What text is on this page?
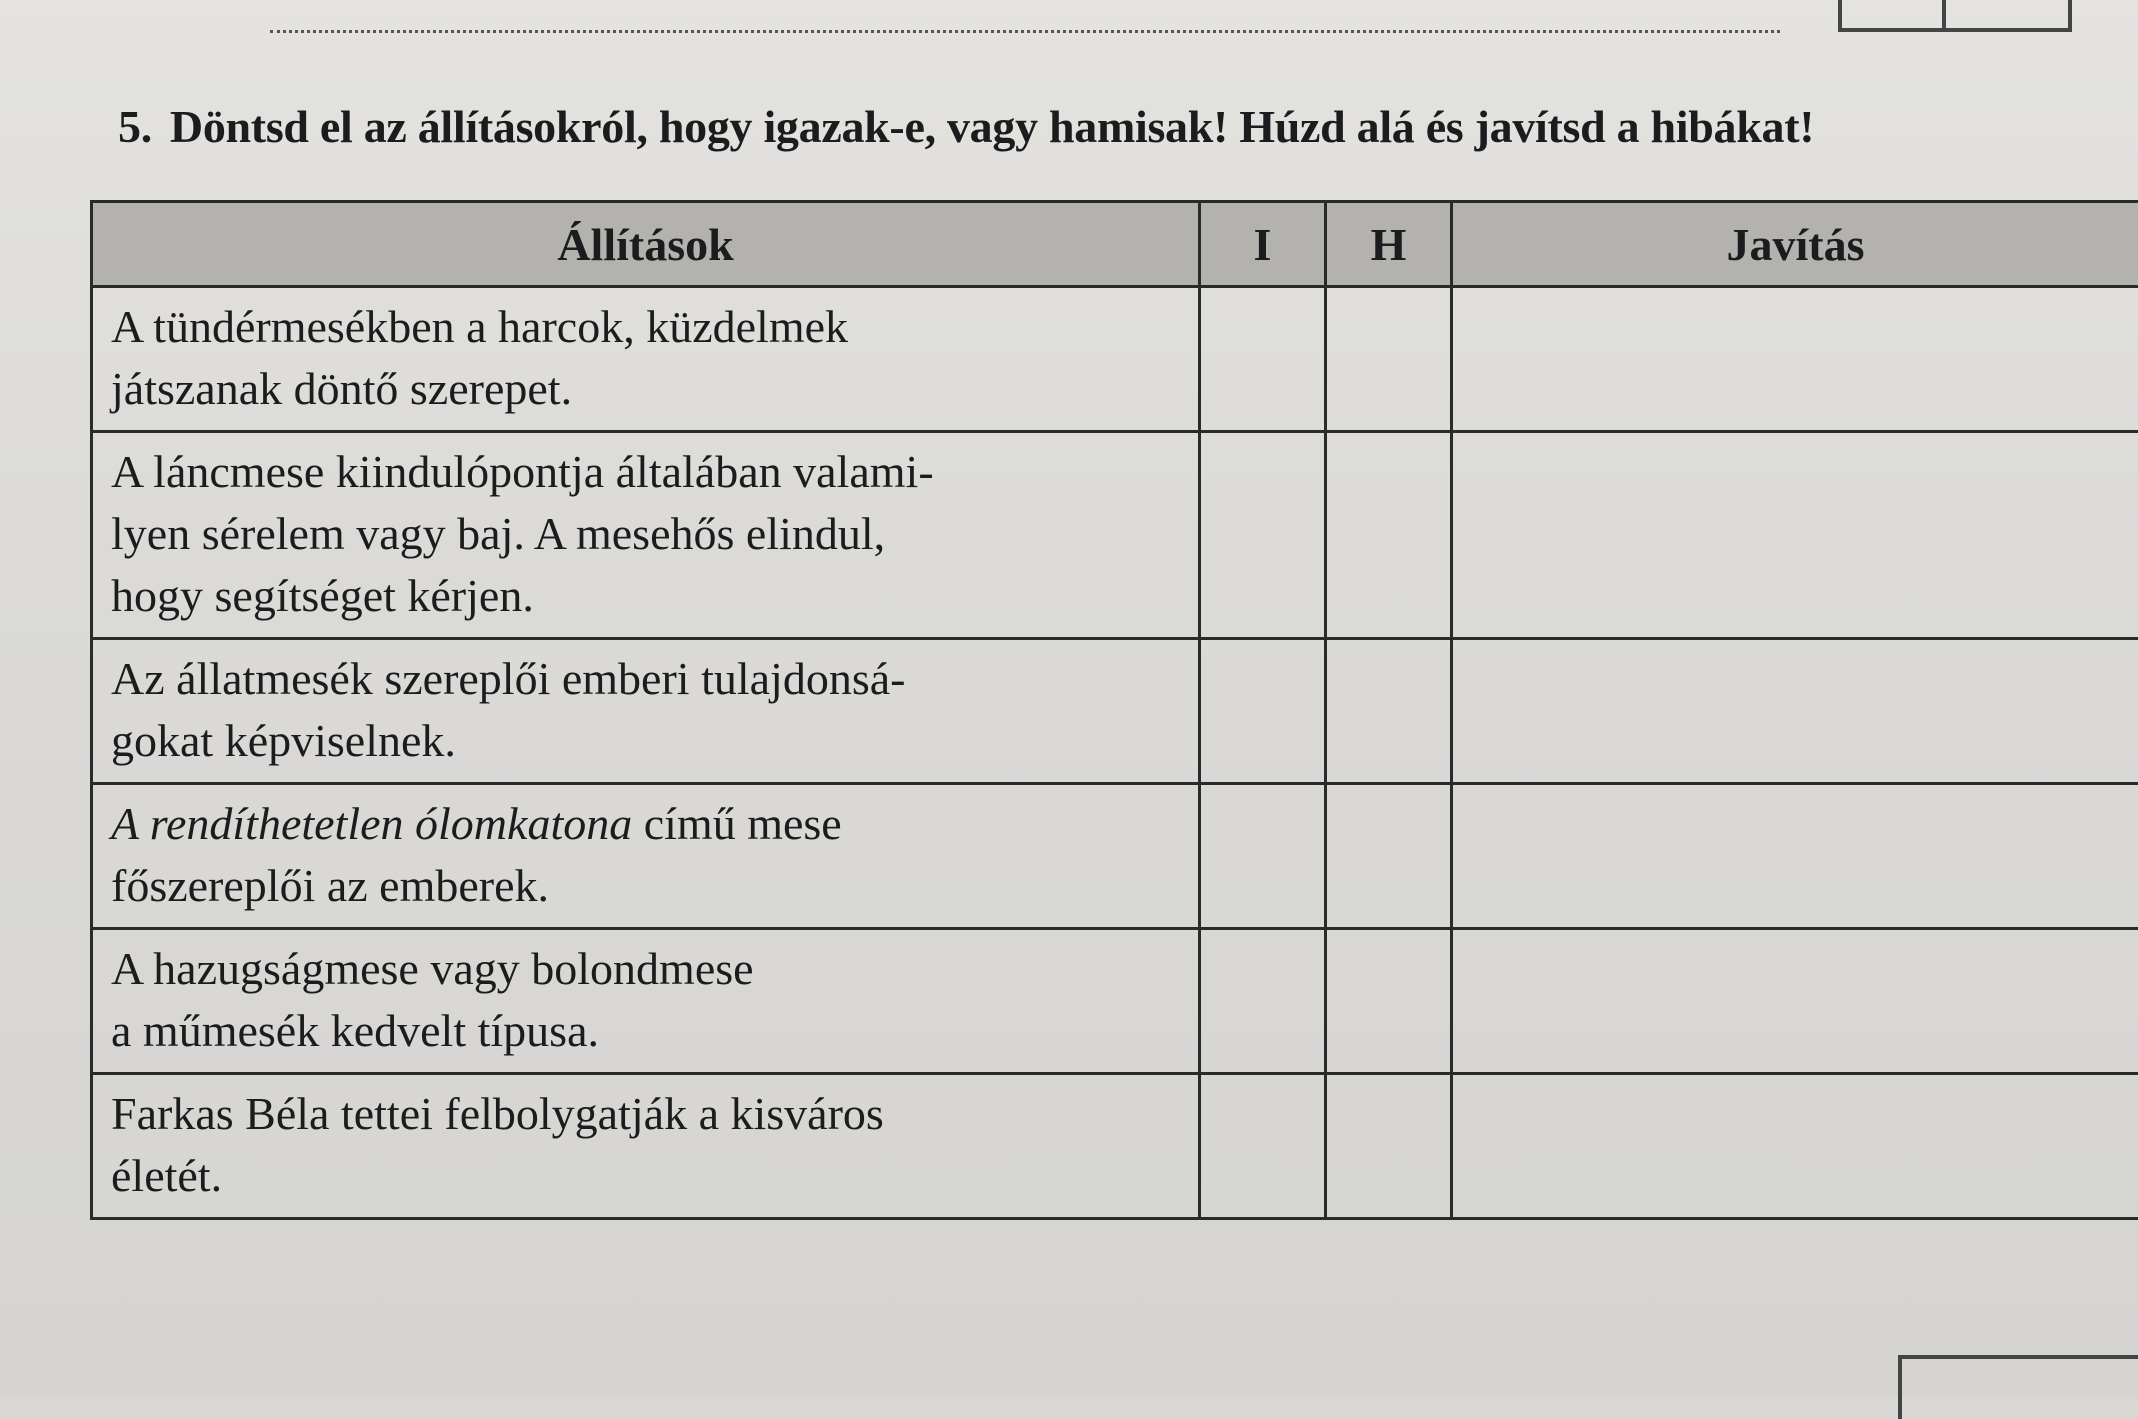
5. Döntsd el az állításokról, hogy igazak-e, vagy hamisak! Húzd alá és javítsd a hibákat!
Állítások	I	H	Javítás

A tündérmesékben a harcok, küzdelmek
játszanak döntő szerepet.			

A láncmese kiindulópontja általában valami-
lyen sérelem vagy baj. A mesehős elindul,
hogy segítséget kérjen.			

Az állatmesék szereplői emberi tulajdonsá-
gokat képviselnek.			

A rendíthetetlen ólomkatona című mese
főszereplői az emberek.			

A hazugságmese vagy bolondmese
a műmesék kedvelt típusa.			

Farkas Béla tettei felbolygatják a kisváros
életét.			
